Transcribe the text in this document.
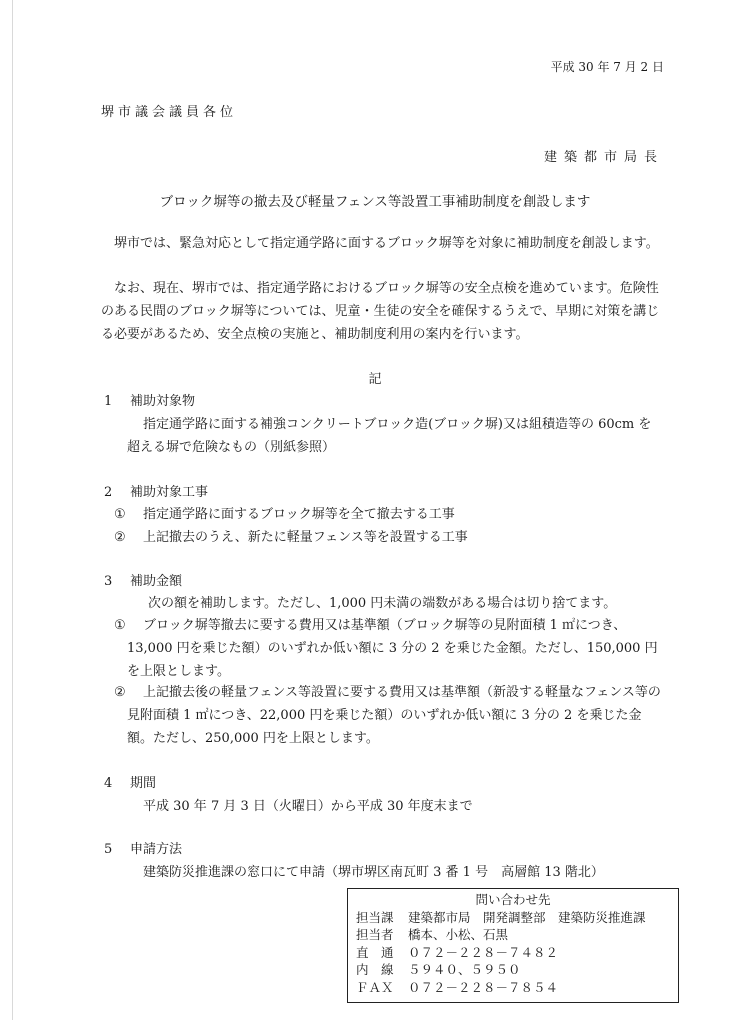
平成 30 年 7 月 2 日
堺市議会議員各位
建築都市局長
ブロック塀等の撤去及び軽量フェンス等設置工事補助制度を創設します
堺市では、緊急対応として指定通学路に面するブロック塀等を対象に補助制度を創設します。
なお、現在、堺市では、指定通学路におけるブロック塀等の安全点検を進めています。危険性のある民間のブロック塀等については、児童・生徒の安全を確保するうえで、早期に対策を講じる必要があるため、安全点検の実施と、補助制度利用の案内を行います。
記
1 補助対象物
指定通学路に面する補強コンクリートブロック造(ブロック塀)又は組積造等の 60cm を超える塀で危険なもの（別紙参照）
2 補助対象工事
① 指定通学路に面するブロック塀等を全て撤去する工事
② 上記撤去のうえ、新たに軽量フェンス等を設置する工事
3 補助金額
次の額を補助します。ただし、1,000 円未満の端数がある場合は切り捨てます。
①	ブロック塀等撤去に要する費用又は基準額（ブロック塀等の見附面積 1 ㎡につき、13,000 円を乗じた額）のいずれか低い額に 3 分の 2 を乗じた金額。ただし、150,000 円を上限とします。
②	上記撤去後の軽量フェンス等設置に要する費用又は基準額（新設する軽量なフェンス等の見附面積 1 ㎡につき、22,000 円を乗じた額）のいずれか低い額に 3 分の 2 を乗じた金額。ただし、250,000 円を上限とします。
4 期間
平成 30 年 7 月 3 日（火曜日）から平成 30 年度末まで
5 申請方法
建築防災推進課の窓口にて申請（堺市堺区南瓦町 3 番 1 号　高層館 13 階北）
問い合わせ先
担当課 建築都市局　開発調整部　建築防災推進課
担当者 橋本、小松、石黒
直　通 ０７２－２２８－７４８２
内　線 ５９４０、５９５０
ＦＡＸ ０７２－２２８－７８５４
